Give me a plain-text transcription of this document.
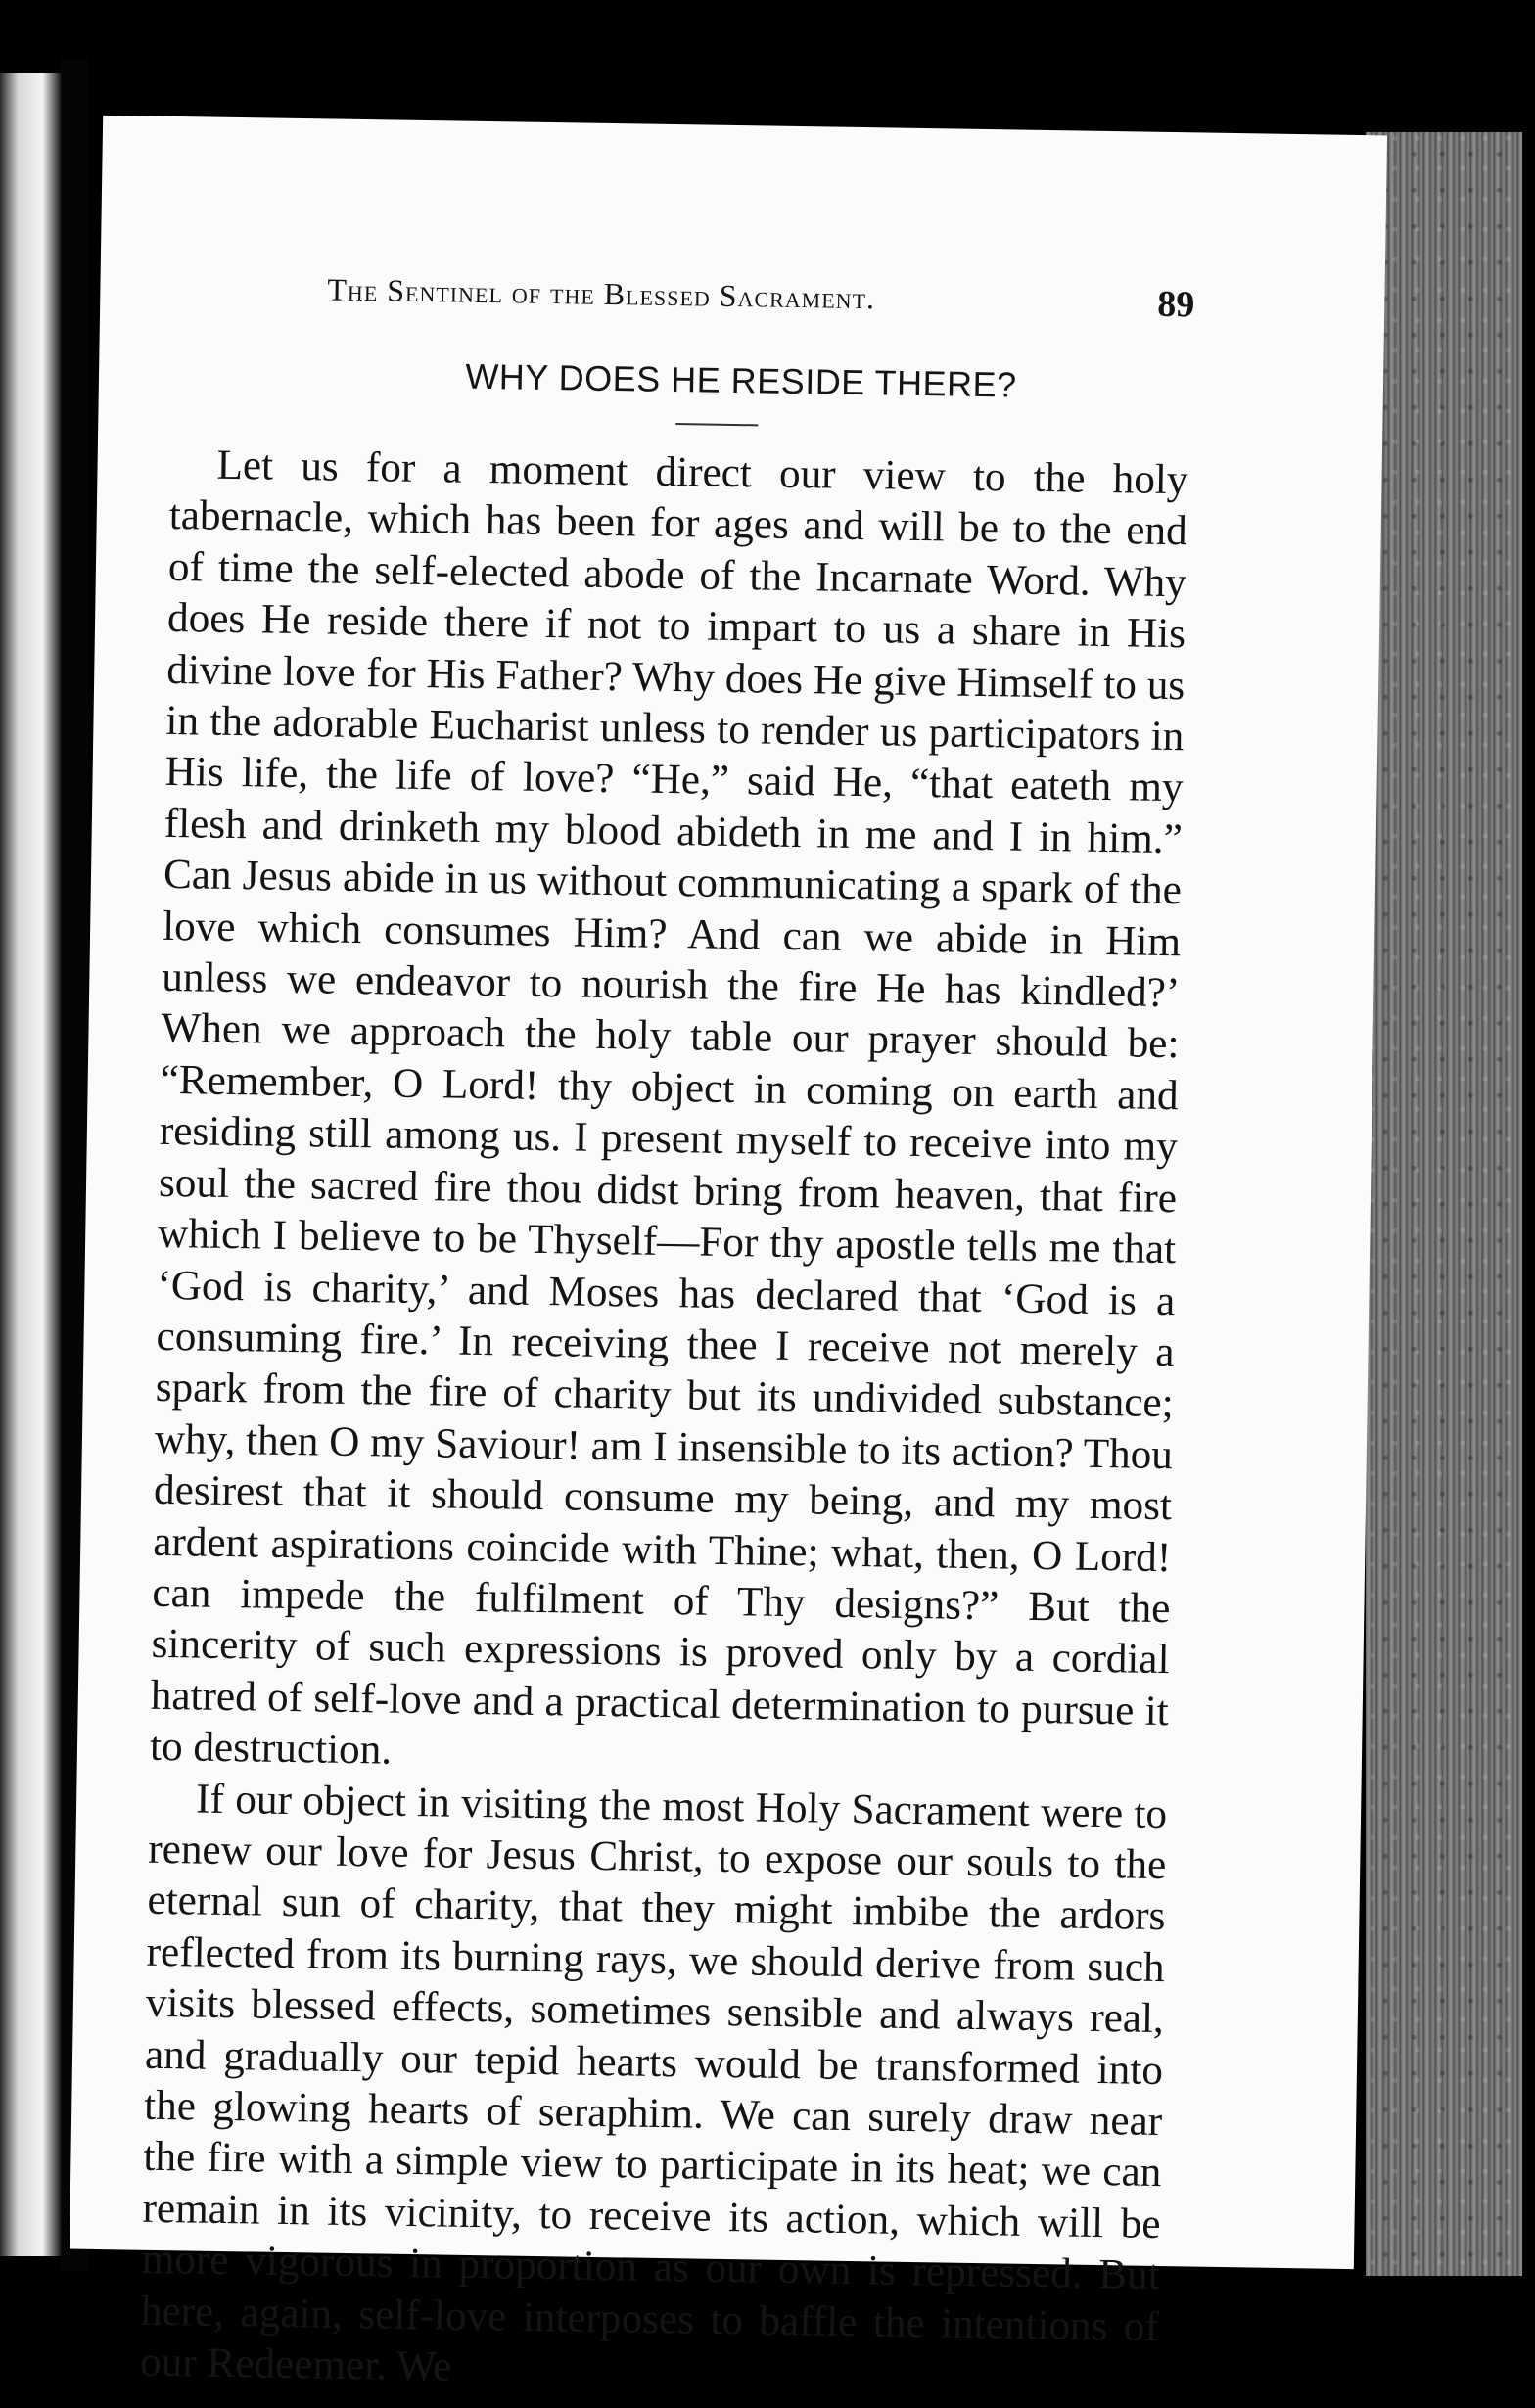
The Sentinel of the Blessed Sacrament.	89
WHY DOES HE RESIDE THERE?

Let us for a moment direct our view to the holy tabernacle, which has been for ages and will be to the end of time the self-elected abode of the Incarnate Word. Why does He reside there if not to impart to us a share in His divine love for His Father? Why does He give Himself to us in the adorable Eucharist unless to render us participators in His life, the life of love? “He,” said He, “that eateth my flesh and drinketh my blood abideth in me and I in him.” Can Jesus abide in us without communicating a spark of the love which consumes Him? And can we abide in Him unless we endeavor to nourish the fire He has kindled?’ When we approach the holy table our prayer should be: “Remember, O Lord! thy object in coming on earth and residing still among us. I present myself to receive into my soul the sacred fire thou didst bring from heaven, that fire which I believe to be Thyself—For thy apostle tells me that ‘God is charity,’ and Moses has declared that ‘God is a consuming fire.’ In receiving thee I receive not merely a spark from the fire of charity but its undivided substance; why, then O my Saviour! am I insensible to its action? Thou desirest that it should consume my being, and my most ardent aspirations coincide with Thine; what, then, O Lord! can impede the fulfilment of Thy designs?” But the sincerity of such expressions is proved only by a cordial hatred of self-love and a practical determination to pursue it to destruction.

If our object in visiting the most Holy Sacrament were to renew our love for Jesus Christ, to expose our souls to the eternal sun of charity, that they might imbibe the ardors reflected from its burning rays, we should derive from such visits blessed effects, sometimes sensible and always real, and gradually our tepid hearts would be transformed into the glowing hearts of seraphim. We can surely draw near the fire with a simple view to participate in its heat; we can remain in its vicinity, to receive its action, which will be more vigorous in proportion as our own is repressed. But here, again, self-love interposes to baffle the intentions of our Redeemer. We
